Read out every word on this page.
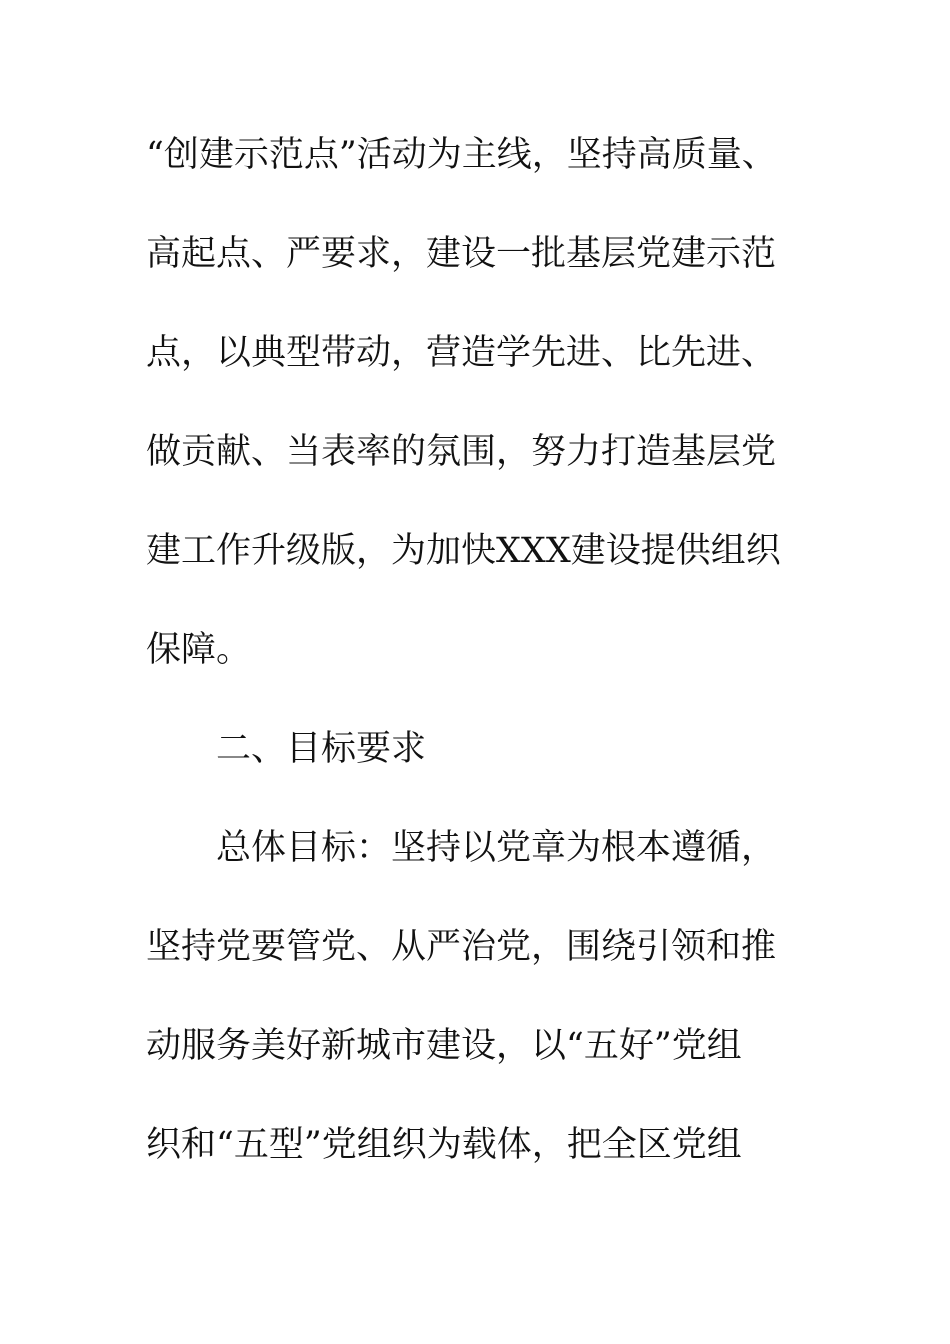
“创建示范点”活动为主线，坚持高质量、
高起点、严要求，建设一批基层党建示范
点，以典型带动，营造学先进、比先进、
做贡献、当表率的氛围，努力打造基层党
建工作升级版，为加快XXX建设提供组织
保障。
二、目标要求
总体目标：坚持以党章为根本遵循，
坚持党要管党、从严治党，围绕引领和推
动服务美好新城市建设，以“五好”党组
织和“五型”党组织为载体，把全区党组
